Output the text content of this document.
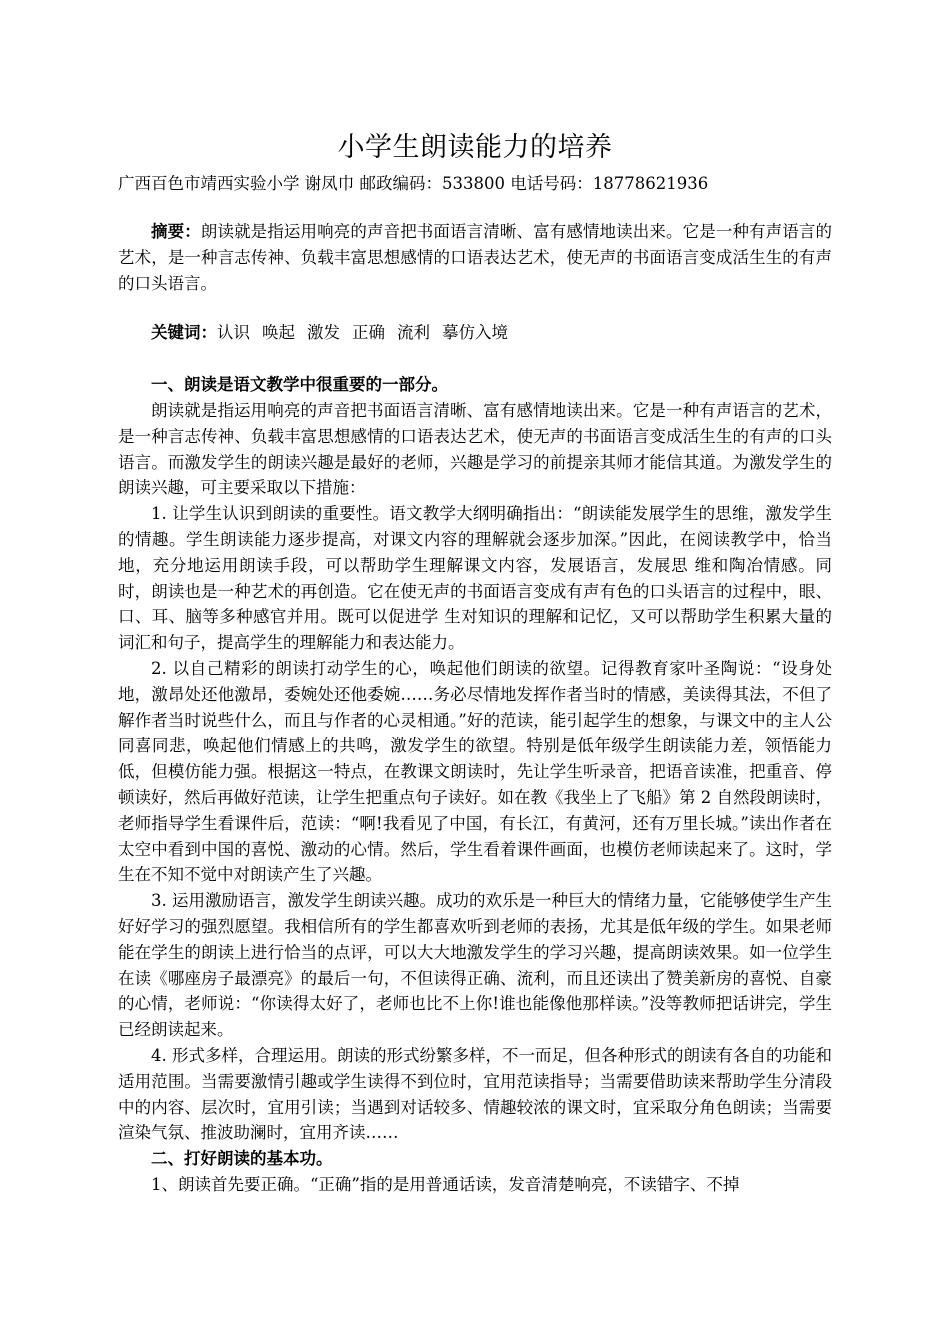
小学生朗读能力的培养
广西百色市靖西实验小学 谢凤巾 邮政编码：533800 电话号码：18778621936

摘要：朗读就是指运用响亮的声音把书面语言清晰、富有感情地读出来。它是一种有声语言的艺术，是一种言志传神、负载丰富思想感情的口语表达艺术，使无声的书面语言变成活生生的有声的口头语言。

关键词：认识 唤起 激发 正确 流利 摹仿入境

一、朗读是语文教学中很重要的一部分。

朗读就是指运用响亮的声音把书面语言清晰、富有感情地读出来。它是一种有声语言的艺术，是一种言志传神、负载丰富思想感情的口语表达艺术，使无声的书面语言变成活生生的有声的口头语言。而激发学生的朗读兴趣是最好的老师，兴趣是学习的前提亲其师才能信其道。为激发学生的朗读兴趣，可主要采取以下措施：

1. 让学生认识到朗读的重要性。语文教学大纲明确指出：“朗读能发展学生的思维，激发学生的情趣。学生朗读能力逐步提高，对课文内容的理解就会逐步加深。”因此，在阅读教学中，恰当地，充分地运用朗读手段，可以帮助学生理解课文内容，发展语言，发展思 维和陶冶情感。同时，朗读也是一种艺术的再创造。它在使无声的书面语言变成有声有色的口头语言的过程中，眼、口、耳、脑等多种感官并用。既可以促进学 生对知识的理解和记忆，又可以帮助学生积累大量的词汇和句子，提高学生的理解能力和表达能力。

2. 以自己精彩的朗读打动学生的心，唤起他们朗读的欲望。记得教育家叶圣陶说：“设身处地，激昂处还他激昂，委婉处还他委婉……务必尽情地发挥作者当时的情感，美读得其法，不但了解作者当时说些什么，而且与作者的心灵相通。”好的范读，能引起学生的想象，与课文中的主人公同喜同悲，唤起他们情感上的共鸣，激发学生的欲望。特别是低年级学生朗读能力差，领悟能力低，但模仿能力强。根据这一特点，在教课文朗读时，先让学生听录音，把语音读准，把重音、停顿读好，然后再做好范读，让学生把重点句子读好。如在教《我坐上了飞船》第 2 自然段朗读时，老师指导学生看课件后，范读：“啊!我看见了中国，有长江，有黄河，还有万里长城。”读出作者在太空中看到中国的喜悦、激动的心情。然后，学生看着课件画面，也模仿老师读起来了。这时，学生在不知不觉中对朗读产生了兴趣。

3. 运用激励语言，激发学生朗读兴趣。成功的欢乐是一种巨大的情绪力量，它能够使学生产生好好学习的强烈愿望。我相信所有的学生都喜欢听到老师的表扬，尤其是低年级的学生。如果老师能在学生的朗读上进行恰当的点评，可以大大地激发学生的学习兴趣，提高朗读效果。如一位学生在读《哪座房子最漂亮》的最后一句，不但读得正确、流利，而且还读出了赞美新房的喜悦、自豪的心情，老师说：“你读得太好了，老师也比不上你!谁也能像他那样读。”没等教师把话讲完，学生已经朗读起来。

4. 形式多样，合理运用。朗读的形式纷繁多样，不一而足，但各种形式的朗读有各自的功能和适用范围。当需要激情引趣或学生读得不到位时，宜用范读指导；当需要借助读来帮助学生分清段中的内容、层次时，宜用引读；当遇到对话较多、情趣较浓的课文时，宜采取分角色朗读；当需要渲染气氛、推波助澜时，宜用齐读……

二、打好朗读的基本功。

1、朗读首先要正确。“正确”指的是用普通话读，发音清楚响亮，不读错字、不掉
